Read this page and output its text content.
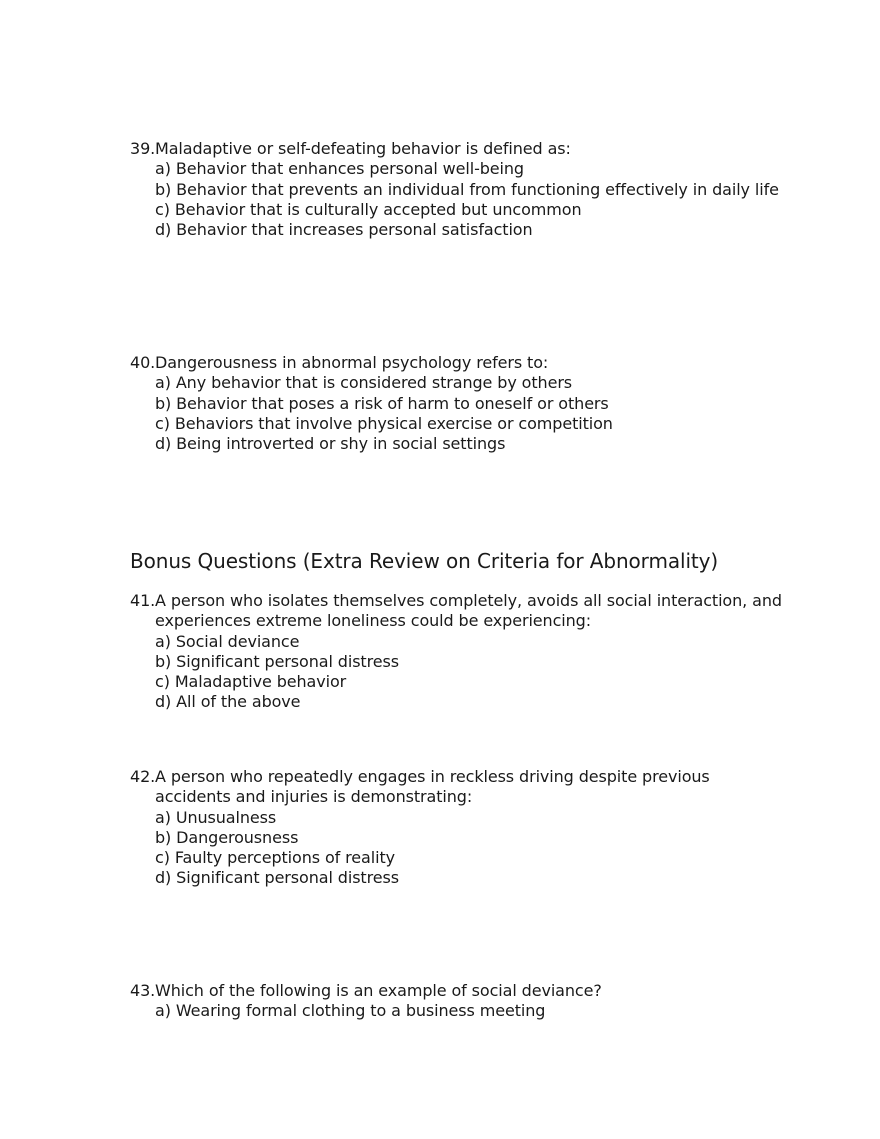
39. Maladaptive or self-defeating behavior is defined as:
a) Behavior that enhances personal well-being
b) Behavior that prevents an individual from functioning effectively in daily life
c) Behavior that is culturally accepted but uncommon
d) Behavior that increases personal satisfaction
40. Dangerousness in abnormal psychology refers to:
a) Any behavior that is considered strange by others
b) Behavior that poses a risk of harm to oneself or others
c) Behaviors that involve physical exercise or competition
d) Being introverted or shy in social settings
Bonus Questions (Extra Review on Criteria for Abnormality)
41. A person who isolates themselves completely, avoids all social interaction, and experiences extreme loneliness could be experiencing:
a) Social deviance
b) Significant personal distress
c) Maladaptive behavior
d) All of the above
42. A person who repeatedly engages in reckless driving despite previous accidents and injuries is demonstrating:
a) Unusualness
b) Dangerousness
c) Faulty perceptions of reality
d) Significant personal distress
43. Which of the following is an example of social deviance?
a) Wearing formal clothing to a business meeting
